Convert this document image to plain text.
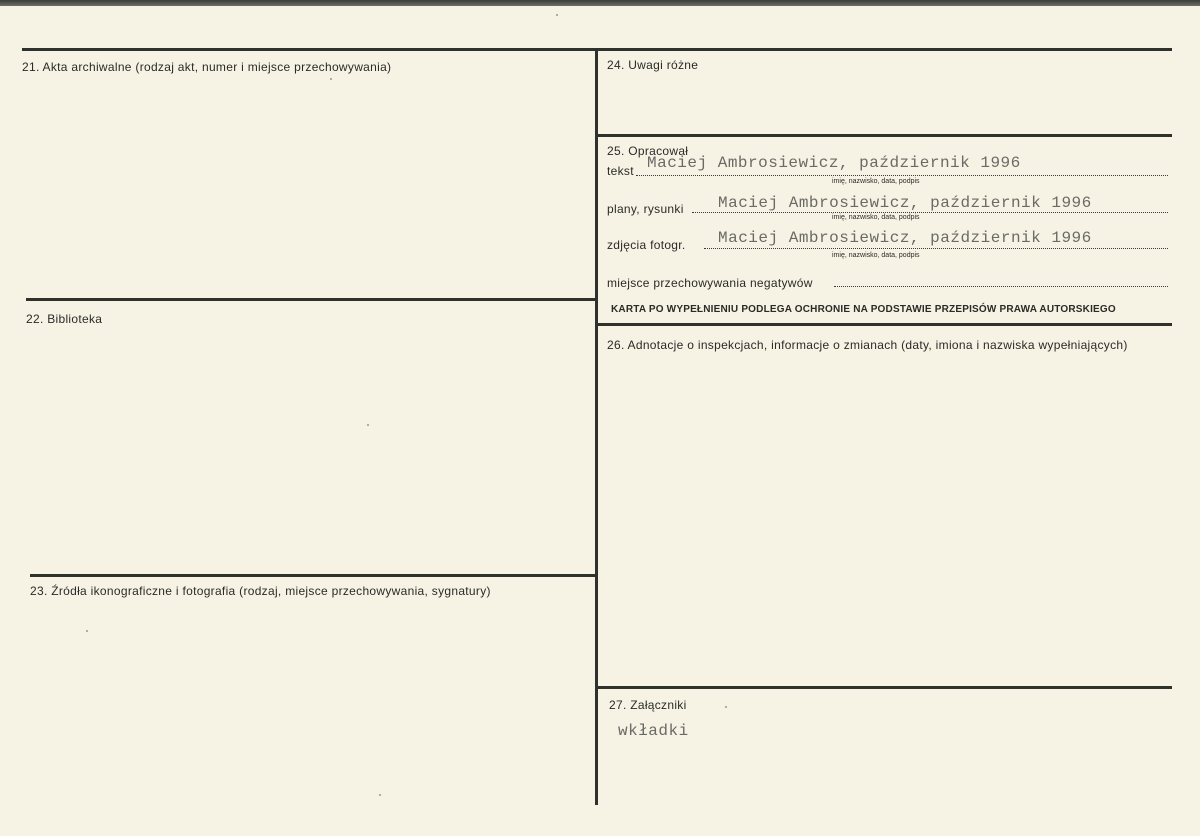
21. Akta archiwalne (rodzaj akt, numer i miejsce przechowywania)
22. Biblioteka
23. Źródła ikonograficzne i fotografia (rodzaj, miejsce przechowywania, sygnatury)
24. Uwagi różne
25. Opracował
tekst Maciej Ambrosiewicz, październik 1996
imię, nazwisko, data, podpis
plany, rysunki Maciej Ambrosiewicz, październik 1996
imię, nazwisko, data, podpis
zdjęcia fotogr. Maciej Ambrosiewicz, październik 1996
imię, nazwisko, data, podpis
miejsce przechowywania negatywów
KARTA PO WYPEŁNIENIU PODLEGA OCHRONIE NA PODSTAWIE PRZEPISÓW PRAWA AUTORSKIEGO
26. Adnotacje o inspekcjach, informacje o zmianach (daty, imiona i nazwiska wypełniających)
27. Załączniki
wkładki
